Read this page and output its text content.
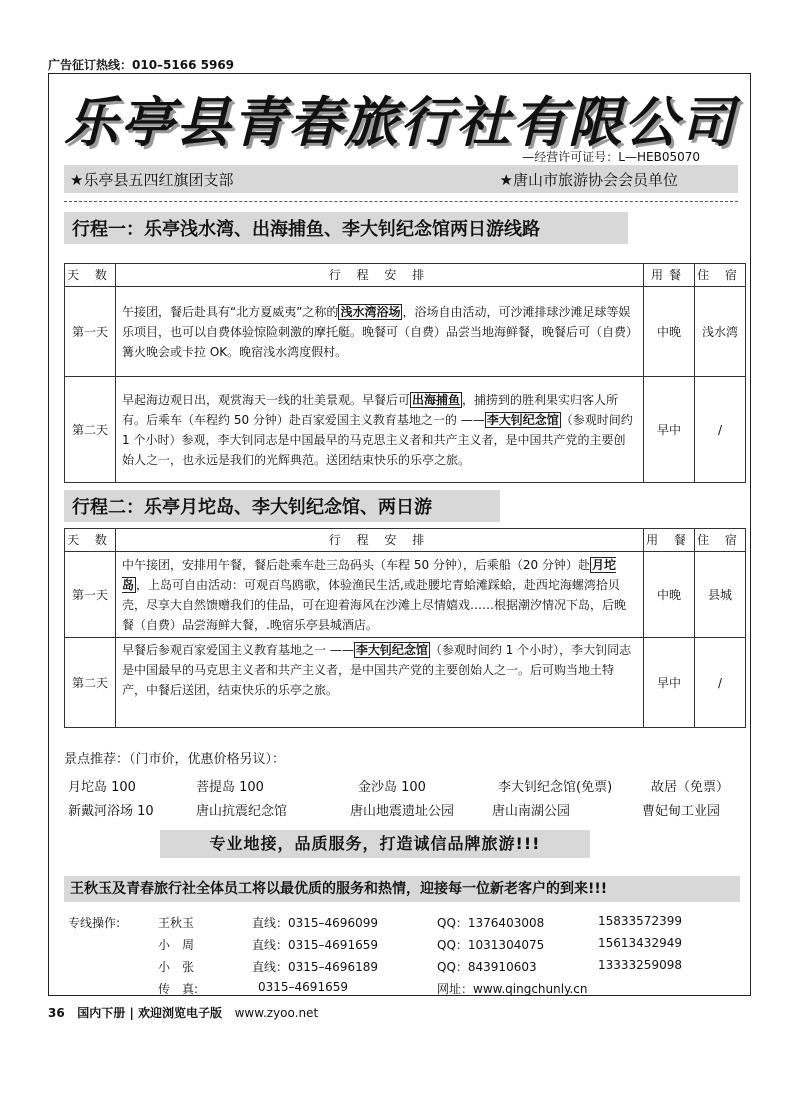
广告征订热线：010–5166 5969
乐亭县青春旅行社有限公司
—经营许可证号：L—HEB05070
★乐亭县五四红旗团支部	★唐山市旅游协会会员单位
行程一：乐亭浅水湾、出海捕鱼、李大钊纪念馆两日游线路
天 数	行 程 安 排	用餐	住 宿
第一天	午接团，餐后赴具有“北方夏威夷”之称的 浅水湾浴场 ，浴场自由活动，可沙滩排球沙滩足球等娱乐项目，也可以自费体验惊险刺激的摩托艇。晚餐可（自费）品尝当地海鲜餐，晚餐后可（自费）篝火晚会或卡拉 OK。晚宿浅水湾度假村。	中晚	浅水湾
第二天	早起海边观日出，观赏海天一线的壮美景观。早餐后可 出海捕鱼 ，捕捞到的胜利果实归客人所有。后乘车（车程约 50 分钟）赴百家爱国主义教育基地之一的 —— 李大钊纪念馆 （参观时间约 1 个小时）参观，李大钊同志是中国最早的马克思主义者和共产主义者，是中国共产党的主要创始人之一，也永远是我们的光辉典范。送团结束快乐的乐亭之旅。	早中	/
行程二：乐亭月坨岛、李大钊纪念馆、两日游
天 数	行 程 安 排	用 餐	住 宿
第一天	中午接团，安排用午餐，餐后赴乘车赴三岛码头（车程 50 分钟），后乘船（20 分钟）赴 月坨岛 ，上岛可自由活动：可观百鸟鸥歌，体验渔民生活,或赴腰坨青蛤滩踩蛤，赴西坨海螺湾拾贝壳，尽享大自然馈赠我们的佳品，可在迎着海风在沙滩上尽情嬉戏……根据潮汐情况下岛，后晚餐（自费）品尝海鲜大餐，.晚宿乐亭县城酒店。	中晚	县城
第二天	早餐后参观百家爱国主义教育基地之一 —— 李大钊纪念馆 （参观时间约 1 个小时），李大钊同志是中国最早的马克思主义者和共产主义者，是中国共产党的主要创始人之一。后可购当地土特产，中餐后送团，结束快乐的乐亭之旅。	早中	/
景点推荐：（门市价，优惠价格另议）：
月坨岛 100	菩提岛 100	金沙岛 100	李大钊纪念馆(免票)	故居（免票）
新戴河浴场 10	唐山抗震纪念馆	唐山地震遗址公园	唐山南湖公园	曹妃甸工业园
专业地接，品质服务，打造诚信品牌旅游!!!
王秋玉及青春旅行社全体员工将以最优质的服务和热情，迎接每一位新老客户的到来!!!
专线操作:	王秋玉	直线：0315–4696099	QQ：1376403008	15833572399
小　周	直线：0315–4691659	QQ：1031304075	15613432949
小　张	直线：0315–4696189	QQ：843910603	13333259098
传　真:	0315–4691659	网址：www.qingchunly.cn
36 国内下册 | 欢迎浏览电子版 www.zyoo.net
